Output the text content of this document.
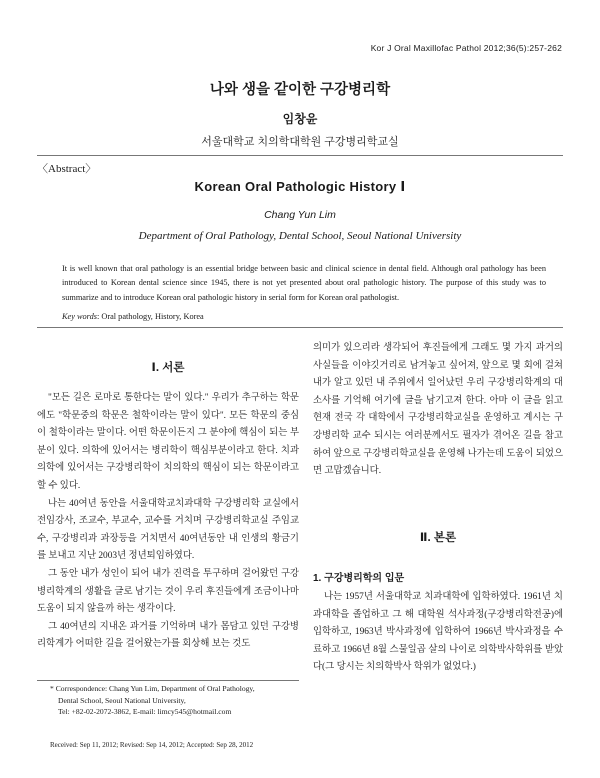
Kor J Oral Maxillofac Pathol 2012;36(5):257-262
나와 생을 같이한 구강병리학
임창윤
서울대학교 치의학대학원 구강병리학교실
〈Abstract〉
Korean Oral Pathologic History Ⅰ
Chang Yun Lim
Department of Oral Pathology, Dental School, Seoul National University
It is well known that oral pathology is an essential bridge between basic and clinical science in dental field. Although oral pathology has been introduced to Korean dental science since 1945, there is not yet presented about oral pathologic history. The purpose of this study was to summarize and to introduce Korean oral pathologic history in serial form for Korean oral pathologist.
Key words: Oral pathology, History, Korea
Ⅰ. 서론

"모든 길은 로마로 통한다는 말이 있다." 우리가 추구하는 학문에도 "학문중의 학문은 철학이라는 말이 있다". 모든 학문의 중심이 철학이라는 말이다. 어떤 학문이든지 그 분야에 핵심이 되는 부분이 있다. 의학에 있어서는 병리학이 핵심부분이라고 한다. 치과의학에 있어서는 구강병리학이 치의학의 핵심이 되는 학문이라고 할 수 있다.

나는 40여년 동안을 서울대학교치과대학 구강병리학 교실에서 전임강사, 조교수, 부교수, 교수를 거치며 구강병리학교실 주임교수, 구강병리과 과장등을 거치면서 40여년동안 내 인생의 황금기를 보내고 지난 2003년 정년퇴임하였다.

그 동안 내가 성인이 되어 내가 진력을 투구하며 걸어왔던 구강병리학계의 생활을 글로 남기는 것이 우리 후진들에게 조금이나마 도움이 되지 않을까 하는 생각이다.

그 40여년의 지내온 과거를 기억하며 내가 몸담고 있던 구강병리학계가 어떠한 길을 걸어왔는가를 회상해 보는 것도

의미가 있으리라 생각되어 후진들에게 그래도 몇 가지 과거의 사실들을 이야깃거리로 남겨놓고 싶어져, 앞으로 몇 회에 걸쳐 내가 알고 있던 내 주위에서 일어났던 우리 구강병리학계의 대소사를 기억해 여기에 글을 남기고져 한다. 아마 이 글을 읽고 현재 전국 각 대학에서 구강병리학교실을 운영하고 계시는 구강병리학 교수 되시는 여러분께서도 필자가 겪어온 길을 참고하여 앞으로 구강병리학교실을 운영해 나가는데 도움이 되었으면 고맙겠습니다.

Ⅱ. 본론
1. 구강병리학의 입문

나는 1957년 서울대학교 치과대학에 입학하였다. 1961년 치과대학을 졸업하고 그 해 대학원 석사과정(구강병리학전공)에 입학하고, 1963년 박사과정에 입학하여 1966년 박사과정을 수료하고 1966년 8월 스물일곱 살의 나이로 의학박사학위를 받았다(그 당시는 치의학박사 학위가 없었다.)

* Correspondence: Chang Yun Lim, Department of Oral Pathology,
Dental School, Seoul National University,
Tel: +82-02-2072-3862, E-mail: limcy545@hotmail.com
Received: Sep 11, 2012; Revised: Sep 14, 2012; Accepted: Sep 28, 2012
